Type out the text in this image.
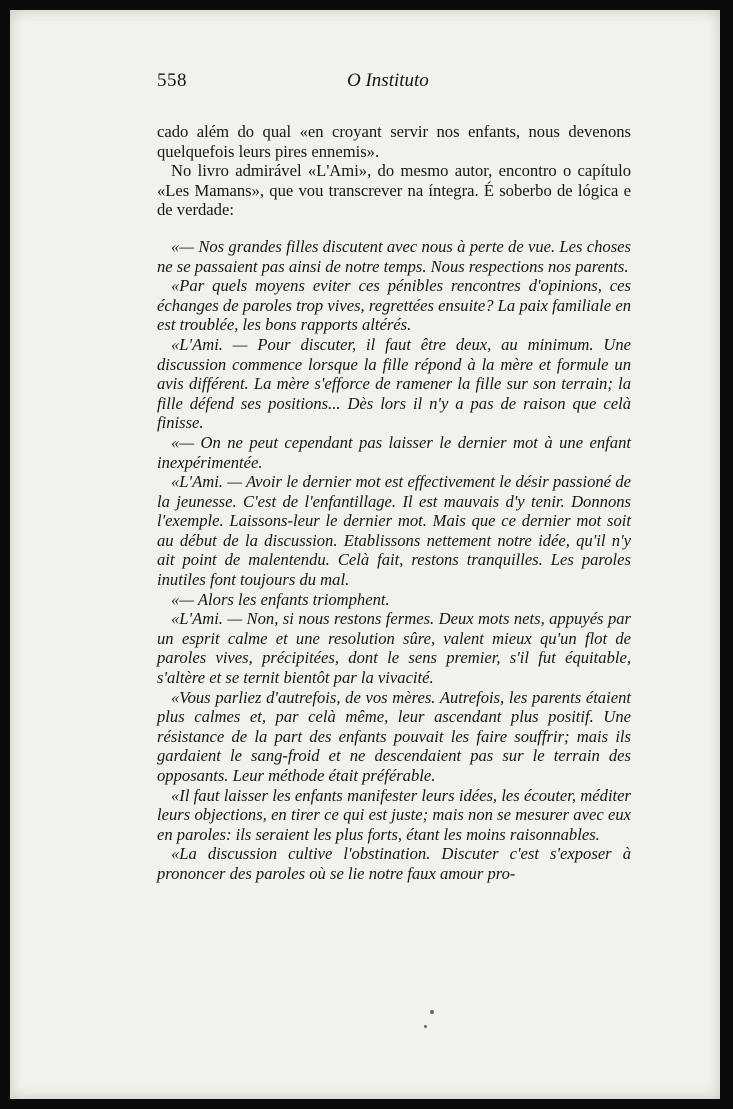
558	O Instituto

cado além do qual «en croyant servir nos enfants, nous devenons quelquefois leurs pires ennemis».

No livro admirável «L'Ami», do mesmo autor, encontro o capítulo «Les Mamans», que vou transcrever na íntegra. É soberbo de lógica e de verdade:

«— Nos grandes filles discutent avec nous à perte de vue. Les choses ne se passaient pas ainsi de notre temps. Nous respections nos parents.

«Par quels moyens eviter ces pénibles rencontres d'opinions, ces échanges de paroles trop vives, regrettées ensuite? La paix familiale en est troublée, les bons rapports altérés.

«L'Ami. — Pour discuter, il faut être deux, au minimum. Une discussion commence lorsque la fille répond à la mère et formule un avis différent. La mère s'efforce de ramener la fille sur son terrain; la fille défend ses positions... Dès lors il n'y a pas de raison que celà finisse.

«— On ne peut cependant pas laisser le dernier mot à une enfant inexpérimentée.

«L'Ami. — Avoir le dernier mot est effectivement le désir passioné de la jeunesse. C'est de l'enfantillage. Il est mauvais d'y tenir. Donnons l'exemple. Laissons-leur le dernier mot. Mais que ce dernier mot soit au début de la discussion. Etablissons nettement notre idée, qu'il n'y ait point de malentendu. Celà fait, restons tranquilles. Les paroles inutiles font toujours du mal.

«— Alors les enfants triomphent.

«L'Ami. — Non, si nous restons fermes. Deux mots nets, appuyés par un esprit calme et une resolution sûre, valent mieux qu'un flot de paroles vives, précipitées, dont le sens premier, s'il fut équitable, s'altère et se ternit bientôt par la vivacité.

«Vous parliez d'autrefois, de vos mères. Autrefois, les parents étaient plus calmes et, par celà même, leur ascendant plus positif. Une résistance de la part des enfants pouvait les faire souffrir; mais ils gardaient le sang-froid et ne descendaient pas sur le terrain des opposants. Leur méthode était préférable.

«Il faut laisser les enfants manifester leurs idées, les écouter, méditer leurs objections, en tirer ce qui est juste; mais non se mesurer avec eux en paroles: ils seraient les plus forts, étant les moins raisonnables.

«La discussion cultive l'obstination. Discuter c'est s'exposer à prononcer des paroles où se lie notre faux amour pro-
